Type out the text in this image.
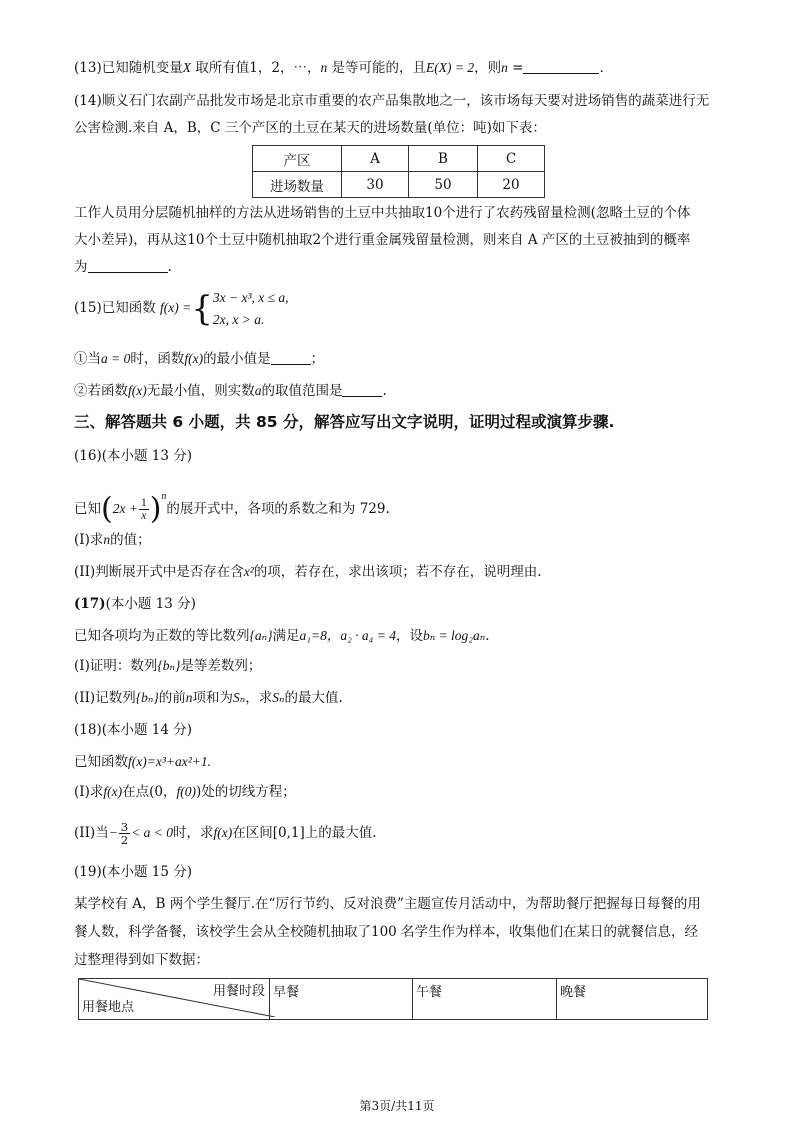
(13)已知随机变量X 取所有值1，2，⋯，n 是等可能的，且E(X) = 2，则n =	.
(14)顺义石门农副产品批发市场是北京市重要的农产品集散地之一，该市场每天要对进场销售的蔬菜进行无
公害检测.来自 A，B，C 三个产区的土豆在某天的进场数量(单位：吨)如下表：
产区	A	B	C
进场数量	30	50	20
工作人员用分层随机抽样的方法从进场销售的土豆中共抽取10个进行了农药残留量检测(忽略土豆的个体
大小差异)，再从这10个土豆中随机抽取2个进行重金属残留量检测，则来自 A 产区的土豆被抽到的概率
为	.
(15)已知函数 f(x) ={ 3x − x³, x ≤ a,
2x, x > a.
①当a = 0时，函数f(x)的最小值是	；
②若函数f(x)无最小值，则实数a的取值范围是	.
三、解答题共 6 小题，共 85 分，解答应写出文字说明，证明过程或演算步骤.
(16)(本小题 13 分)
已知$(2x + \frac{1}{x} )^n$的展开式中，各项的系数之和为 729.
(I)求n的值；
(II)判断展开式中是否存在含x²的项，若存在，求出该项；若不存在，说明理由.
(17)(本小题 13 分)
已知各项均为正数的等比数列{aₙ}满足a₁=8，a₂ · a₄ = 4，设bₙ = log₂aₙ.
(I)证明：数列{bₙ}是等差数列；
(II)记数列{bₙ}的前n项和为Sₙ，求Sₙ的最大值.
(18)(本小题 14 分)
已知函数f(x)=x³+ax²+1.
(I)求f(x)在点(0，f(0))处的切线方程；
(II)当− $\frac{3}{2} < a < 0$时，求f(x)在区间[0,1]上的最大值.
(19)(本小题 15 分)
某学校有 A，B 两个学生餐厅.在“厉行节约、反对浪费”主题宣传月活动中，为帮助餐厅把握每日每餐的用
餐人数，科学备餐，该校学生会从全校随机抽取了100 名学生作为样本，收集他们在某日的就餐信息，经
过整理得到如下数据：
用餐时段
用餐地点
	早餐	午餐	晚餐
第3页/共11页
